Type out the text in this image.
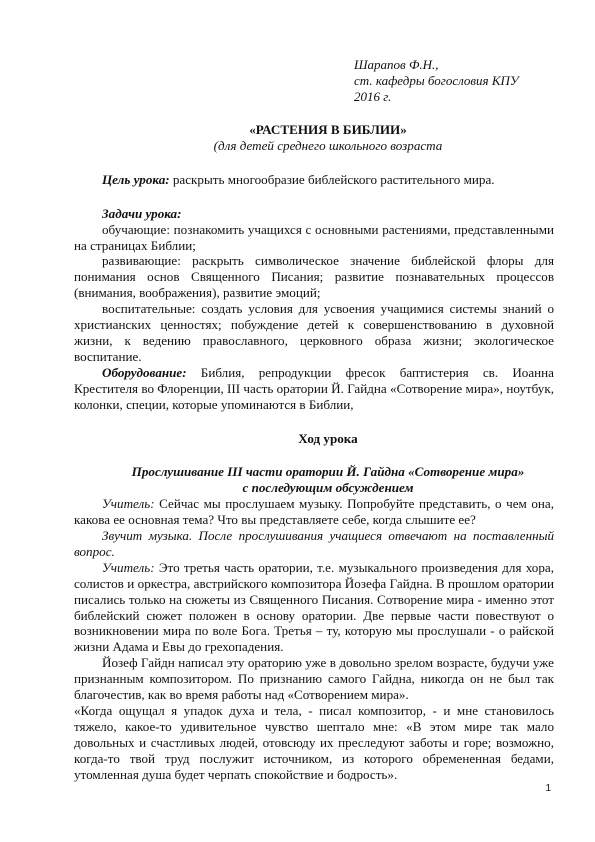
Шарапов Ф.Н.,
ст. кафедры богословия КПУ
2016 г.

«РАСТЕНИЯ В БИБЛИИ»

(для детей среднего школьного возраста

Цель урока: раскрыть многообразие библейского растительного мира.

Задачи урока:

обучающие: познакомить учащихся с основными растениями, представленными на страницах Библии;

развивающие: раскрыть символическое значение библейской флоры для понимания основ Священного Писания; развитие познавательных процессов (внимания, воображения), развитие эмоций;

воспитательные: создать условия для усвоения учащимися системы знаний о христианских ценностях; побуждение детей к совершенствованию в духовной жизни, к ведению православного, церковного образа жизни; экологическое воспитание.

Оборудование: Библия, репродукции фресок баптистерия св. Иоанна Крестителя во Флоренции, III часть оратории Й. Гайдна «Сотворение мира», ноутбук, колонки, специи, которые упоминаются в Библии,

Ход урока

Прослушивание III части оратории Й. Гайдна «Сотворение мира»

с последующим обсуждением

Учитель: Сейчас мы прослушаем музыку. Попробуйте представить, о чем она, какова ее основная тема? Что вы представляете себе, когда слышите ее?

Звучит музыка. После прослушивания учащиеся отвечают на поставленный вопрос.

Учитель: Это третья часть оратории, т.е. музыкального произведения для хора, солистов и оркестра, австрийского композитора Йозефа Гайдна. В прошлом оратории писались только на сюжеты из Священного Писания. Сотворение мира - именно этот библейский сюжет положен в основу оратории. Две первые части повествуют о возникновении мира по воле Бога. Третья – ту, которую мы прослушали - о райской жизни Адама и Евы до грехопадения.

Йозеф Гайдн написал эту ораторию уже в довольно зрелом возрасте, будучи уже признанным композитором. По признанию самого Гайдна, никогда он не был так благочестив, как во время работы над «Сотворением мира».

«Когда ощущал я упадок духа и тела, - писал композитор, - и мне становилось тяжело, какое-то удивительное чувство шептало мне: «В этом мире так мало довольных и счастливых людей, отовсюду их преследуют заботы и горе; возможно, когда-то твой труд послужит источником, из которого обремененная бедами, утомленная душа будет черпать спокойствие и бодрость».

1
